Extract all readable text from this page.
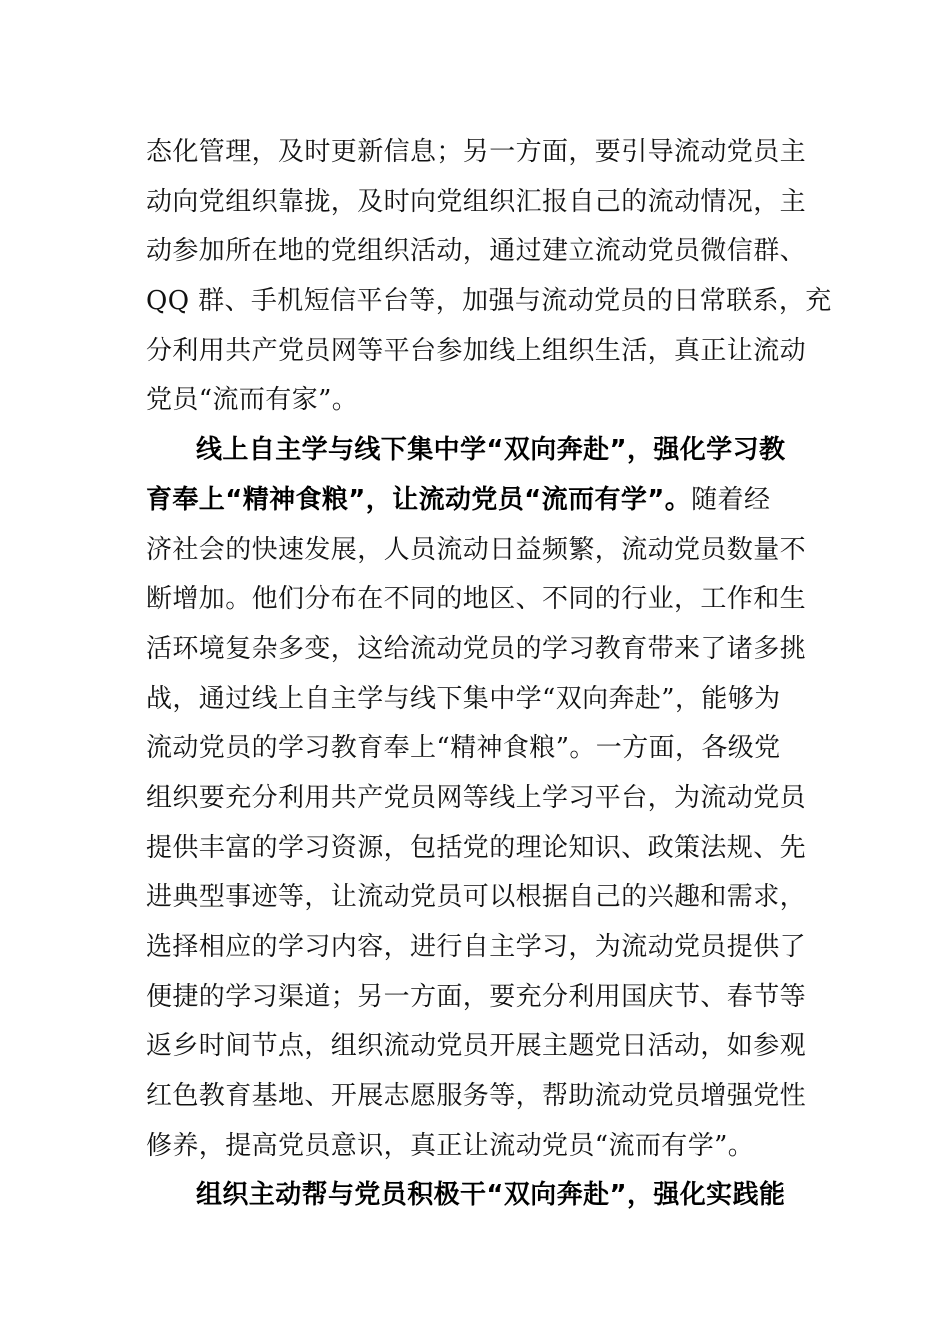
态化管理，及时更新信息；另一方面，要引导流动党员主
动向党组织靠拢，及时向党组织汇报自己的流动情况，主
动参加所在地的党组织活动，通过建立流动党员微信群、
QQ 群、手机短信平台等，加强与流动党员的日常联系，充
分利用共产党员网等平台参加线上组织生活，真正让流动
党员“流而有家”。
线上自主学与线下集中学“双向奔赴”，强化学习教
育奉上“精神食粮”，让流动党员“流而有学”。随着经
济社会的快速发展，人员流动日益频繁，流动党员数量不
断增加。他们分布在不同的地区、不同的行业，工作和生
活环境复杂多变，这给流动党员的学习教育带来了诸多挑
战，通过线上自主学与线下集中学“双向奔赴”，能够为
流动党员的学习教育奉上“精神食粮”。一方面，各级党
组织要充分利用共产党员网等线上学习平台，为流动党员
提供丰富的学习资源，包括党的理论知识、政策法规、先
进典型事迹等，让流动党员可以根据自己的兴趣和需求，
选择相应的学习内容，进行自主学习，为流动党员提供了
便捷的学习渠道；另一方面，要充分利用国庆节、春节等
返乡时间节点，组织流动党员开展主题党日活动，如参观
红色教育基地、开展志愿服务等，帮助流动党员增强党性
修养，提高党员意识，真正让流动党员“流而有学”。
组织主动帮与党员积极干“双向奔赴”，强化实践能
